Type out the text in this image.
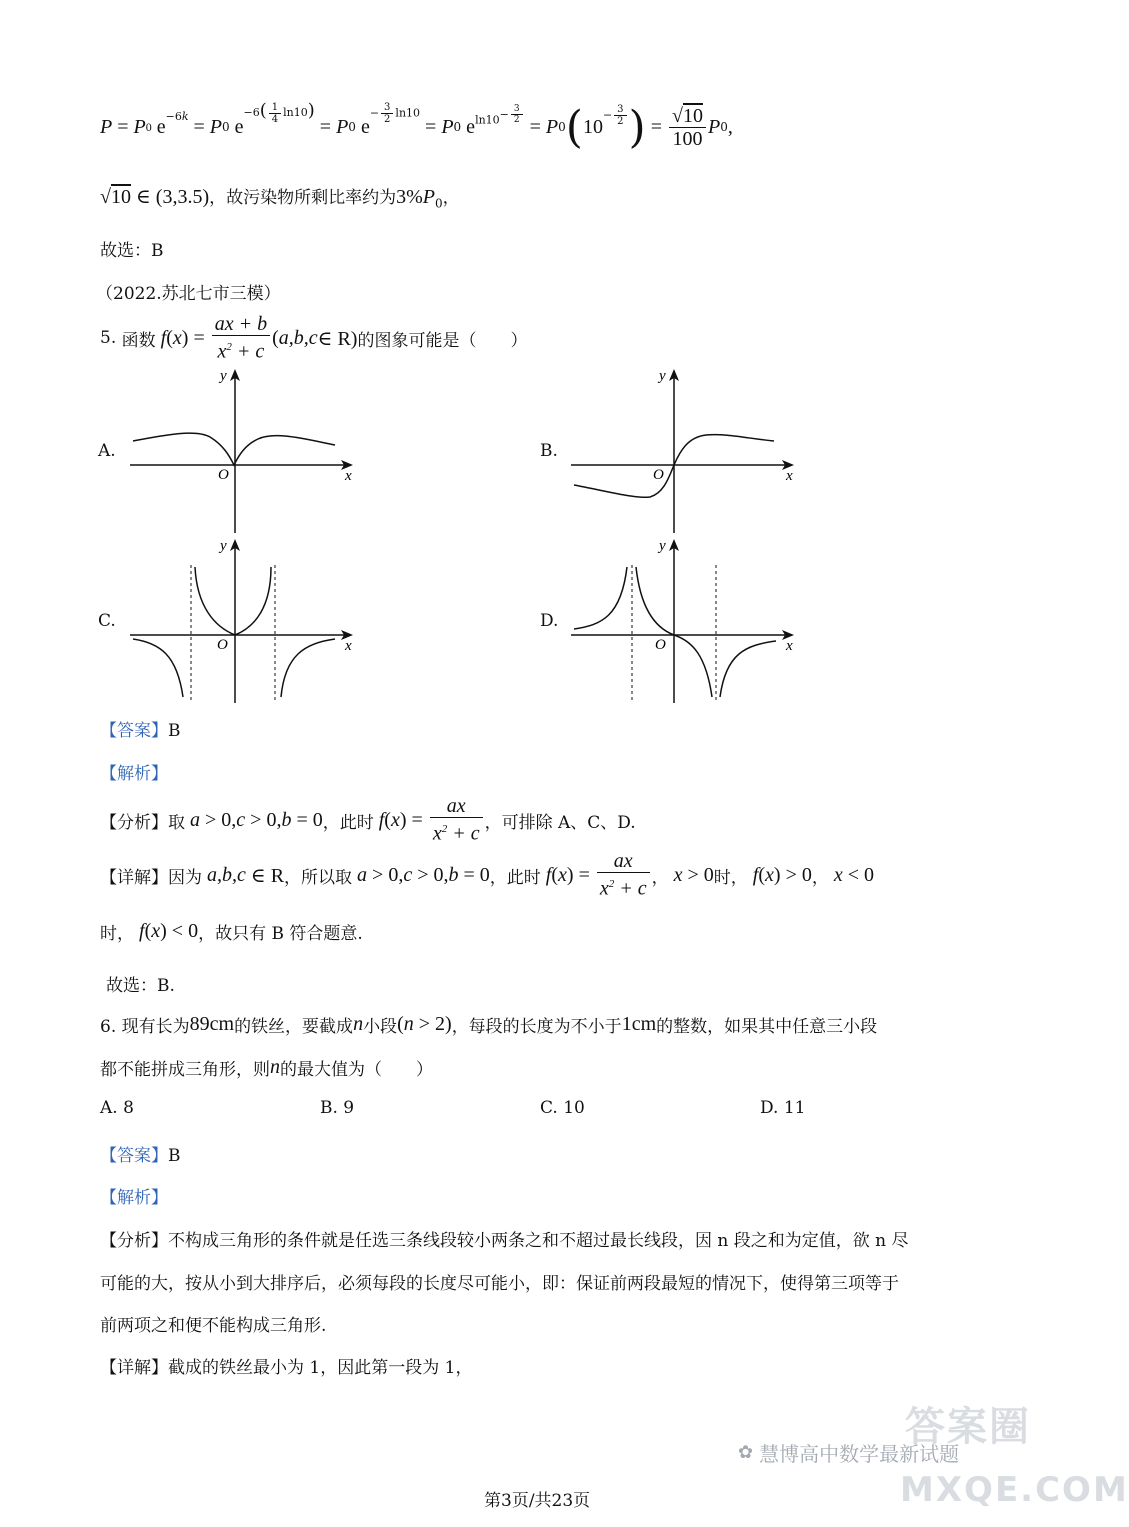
P = P 0 $e^{-6k} = P$ 0 e
$^{-6( \frac{1}{4}ln10)}$
= P 0 e
$^{- \frac{3}{2}ln10}$
= P 0 $e^{ln10- \frac{3}{2}}$
= P 0 ( 10
$^{- \frac{3}{2}}$ ) = $\frac{√10}{100}$ P 0 ,
√10 ∈ (3,3.5)，故污染物所剩比率约为$3\%P_0$，
故选：B
（2022.苏北七市三模）
5.
函数 f ( x ) = $\frac{ax + b}{x^2 + c}$ ( a,b,c ∈ R) 的图象可能是（　　）
A.
y
x
O
B.
y
x
O
C.
y
x
O
D.
y
x
O
【答案】B
【解析】
【分析】 取 a > 0, c > 0, b = 0 ，此时 f ( x ) = $\frac{ax}{x^2 + c}$ ，可排除 A、C、D.
【详解】 因为 a,b,c ∈ R ，所以取 a > 0, c > 0, b = 0 ，此时 f ( x ) = $\frac{ax}{x^2 + c}$ ， x > 0 时， f ( x ) > 0 ， x < 0
时， f ( x ) < 0 ，故只有 B 符合题意.
故选：B.
6. 现有长为 89cm 的铁丝，要截成 n 小段 (n > 2) ，每段的长度为不小于 1cm 的整数，如果其中任意三小段
都不能拼成三角形，则 n 的最大值为（　　）
A. 8	B. 9	C. 10	D. 11
【答案】B
【解析】
【分析】不构成三角形的条件就是任选三条线段较小两条之和不超过最长线段，因 n 段之和为定值，欲 n 尽
可能的大，按从小到大排序后，必须每段的长度尽可能小，即：保证前两段最短的情况下，使得第三项等于
前两项之和便不能构成三角形.
【详解】截成的铁丝最小为 1，因此第一段为 1，
✿ 慧博高中数学最新试题
答案圈
MXQE.COM
第3页/共23页
